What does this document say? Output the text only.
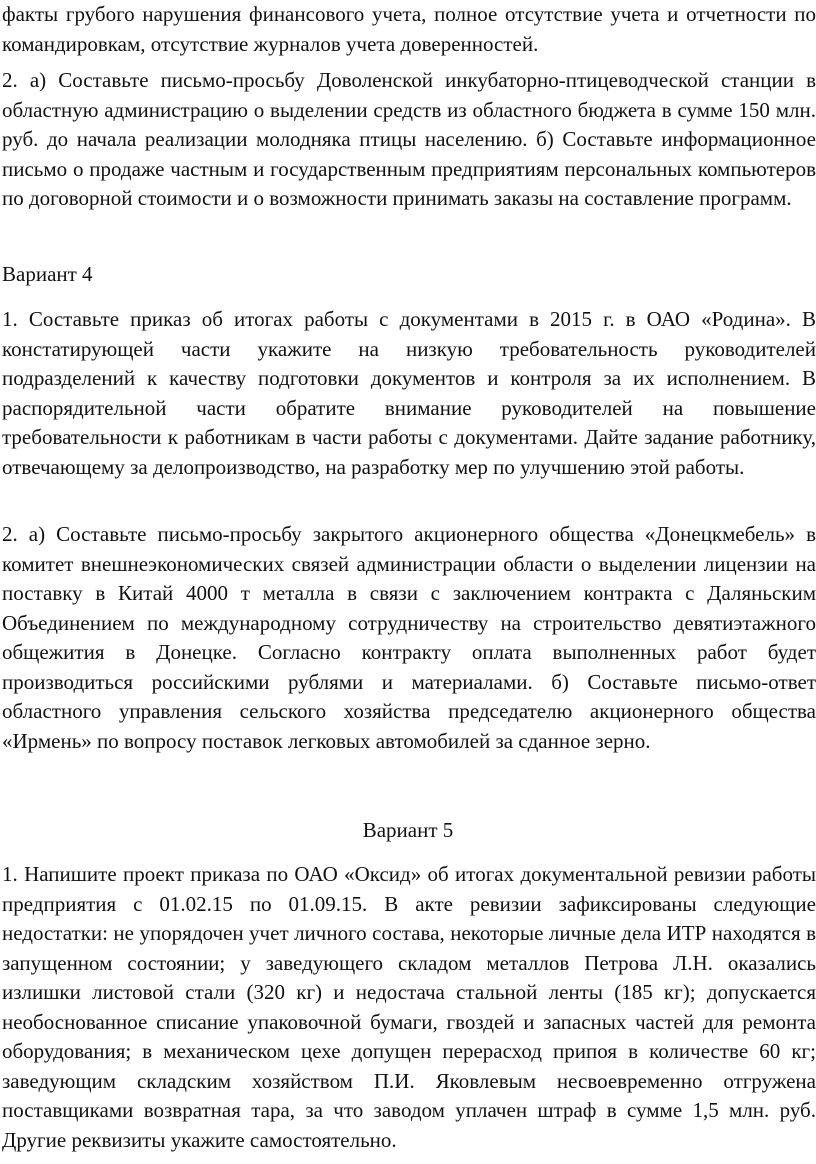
факты грубого нарушения финансового учета, полное отсутствие учета и отчетности по командировкам, отсутствие журналов учета доверенностей.

2. а) Составьте письмо-просьбу Доволенской инкубаторно-птицеводческой станции в областную администрацию о выделении средств из областного бюджета в сумме 150 млн. руб. до начала реализации молодняка птицы населению. б) Составьте информационное письмо о продаже частным и государственным предприятиям персональных компьютеров по договорной стоимости и о возможности принимать заказы на составление программ.

Вариант 4

1. Составьте приказ об итогах работы с документами в 2015 г. в ОАО «Родина». В констатирующей части укажите на низкую требовательность руководителей подразделений к качеству подготовки документов и контроля за их исполнением. В распорядительной части обратите внимание руководителей на повышение требовательности к работникам в части работы с документами. Дайте задание работнику, отвечающему за делопроизводство, на разработку мер по улучшению этой работы.

2. а) Составьте письмо-просьбу закрытого акционерного общества «Донецкмебель» в комитет внешнеэкономических связей администрации области о выделении лицензии на поставку в Китай 4000 т металла в связи с заключением контракта с Даляньским Объединением по международному сотрудничеству на строительство девятиэтажного общежития в Донецке. Согласно контракту оплата выполненных работ будет производиться российскими рублями и материалами. б) Составьте письмо-ответ областного управления сельского хозяйства председателю акционерного общества «Ирмень» по вопросу поставок легковых автомобилей за сданное зерно.

Вариант 5

1. Напишите проект приказа по ОАО «Оксид» об итогах документальной ревизии работы предприятия с 01.02.15 по 01.09.15. В акте ревизии зафиксированы следующие недостатки: не упорядочен учет личного состава, некоторые личные дела ИТР находятся в запущенном состоянии; у заведующего складом металлов Петрова Л.Н. оказались излишки листовой стали (320 кг) и недостача стальной ленты (185 кг); допускается необоснованное списание упаковочной бумаги, гвоздей и запасных частей для ремонта оборудования; в механическом цехе допущен перерасход припоя в количестве 60 кг; заведующим складским хозяйством П.И. Яковлевым несвоевременно отгружена поставщиками возвратная тара, за что заводом уплачен штраф в сумме 1,5 млн. руб. Другие реквизиты укажите самостоятельно.
